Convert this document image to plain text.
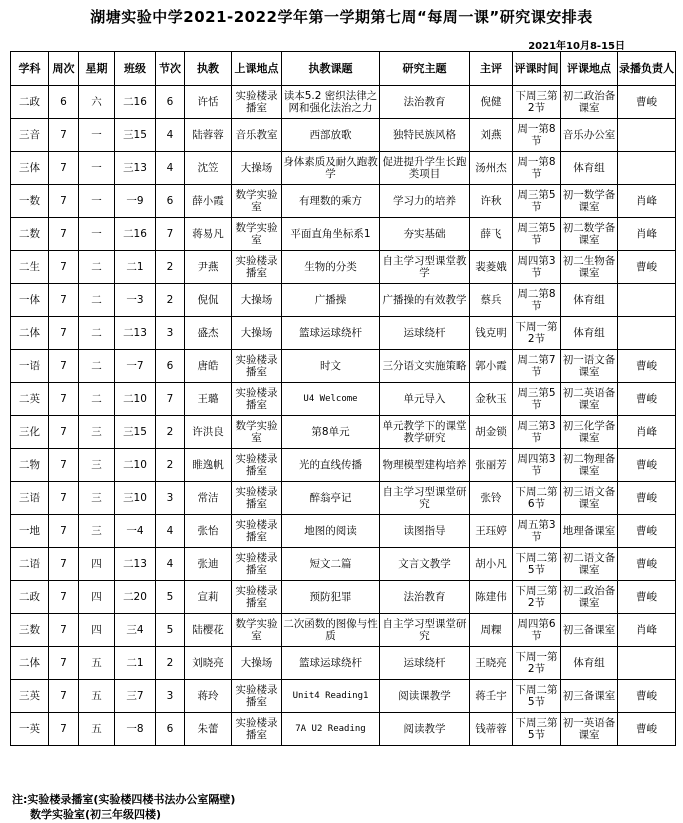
湖塘实验中学2021-2022学年第一学期第七周“每周一课”研究课安排表
2021年10月8-15日
学科	周次	星期	班级	节次	执教	上课地点	执教课题	研究主题	主评	评课时间	评课地点	录播负责人
二政	6	六	二16	6	许恬	实验楼录播室	读本5.2 密织法律之网和强化法治之力	法治教育	倪健	下周三第2节	初二政治备课室	曹峻
三音	7	一	三15	4	陆蓉蓉	音乐教室	西部放歌	独特民族风格	刘燕	周一第8节	音乐办公室	
三体	7	一	三13	4	沈笠	大操场	身体素质及耐久跑教学	促进提升学生长跑类项目	汤州杰	周一第8节	体育组	
一数	7	一	一9	6	薛小霞	数学实验室	有理数的乘方	学习力的培养	许秋	周三第5节	初一数学备课室	肖峰
二数	7	一	二16	7	蒋易凡	数学实验室	平面直角坐标系1	夯实基础	薛飞	周三第5节	初二数学备课室	肖峰
二生	7	二	二1	2	尹燕	实验楼录播室	生物的分类	自主学习型课堂教学	裴菱娥	周四第3节	初二生物备课室	曹峻
一体	7	二	一3	2	倪侃	大操场	广播操	广播操的有效教学	蔡兵	周二第8节	体育组	
二体	7	二	二13	3	盛杰	大操场	篮球运球绕杆	运球绕杆	钱克明	下周一第2节	体育组	
一语	7	二	一7	6	唐皓	实验楼录播室	时文	三分语文实施策略	郭小霞	周二第7节	初一语文备课室	曹峻
二英	7	二	二10	7	王璐	实验楼录播室	U4 Welcome	单元导入	金秋玉	周三第5节	初二英语备课室	曹峻
三化	7	三	三15	2	许洪良	数学实验室	第8单元	单元教学下的课堂教学研究	胡金锁	周三第3节	初三化学备课室	肖峰
二物	7	三	二10	2	睢逸帆	实验楼录播室	光的直线传播	物理模型建构培养	张丽芳	周四第3节	初二物理备课室	曹峻
三语	7	三	三10	3	常洁	实验楼录播室	醉翁亭记	自主学习型课堂研究	张铃	下周二第6节	初三语文备课室	曹峻
一地	7	三	一4	4	张怡	实验楼录播室	地图的阅读	读图指导	王珏婷	周五第3节	地理备课室	曹峻
二语	7	四	二13	4	张迪	实验楼录播室	短文二篇	文言文教学	胡小凡	下周二第5节	初二语文备课室	曹峻
二政	7	四	二20	5	宣莉	实验楼录播室	预防犯罪	法治教育	陈建伟	下周三第2节	初二政治备课室	曹峻
三数	7	四	三4	5	陆樱花	数学实验室	二次函数的图像与性质	自主学习型课堂研究	周粿	周四第6节	初三备课室	肖峰
二体	7	五	二1	2	刘晓亮	大操场	篮球运球绕杆	运球绕杆	王晓亮	下周一第2节	体育组	
三英	7	五	三7	3	蒋玲	实验楼录播室	Unit4 Reading1	阅读课教学	蒋壬宇	下周二第5节	初三备课室	曹峻
一英	7	五	一8	6	朱蕾	实验楼录播室	7A U2 Reading	阅读教学	钱蒂蓉	下周三第5节	初一英语备课室	曹峻
注:实验楼录播室(实验楼四楼书法办公室隔壁)
数学实验室(初三年级四楼)
